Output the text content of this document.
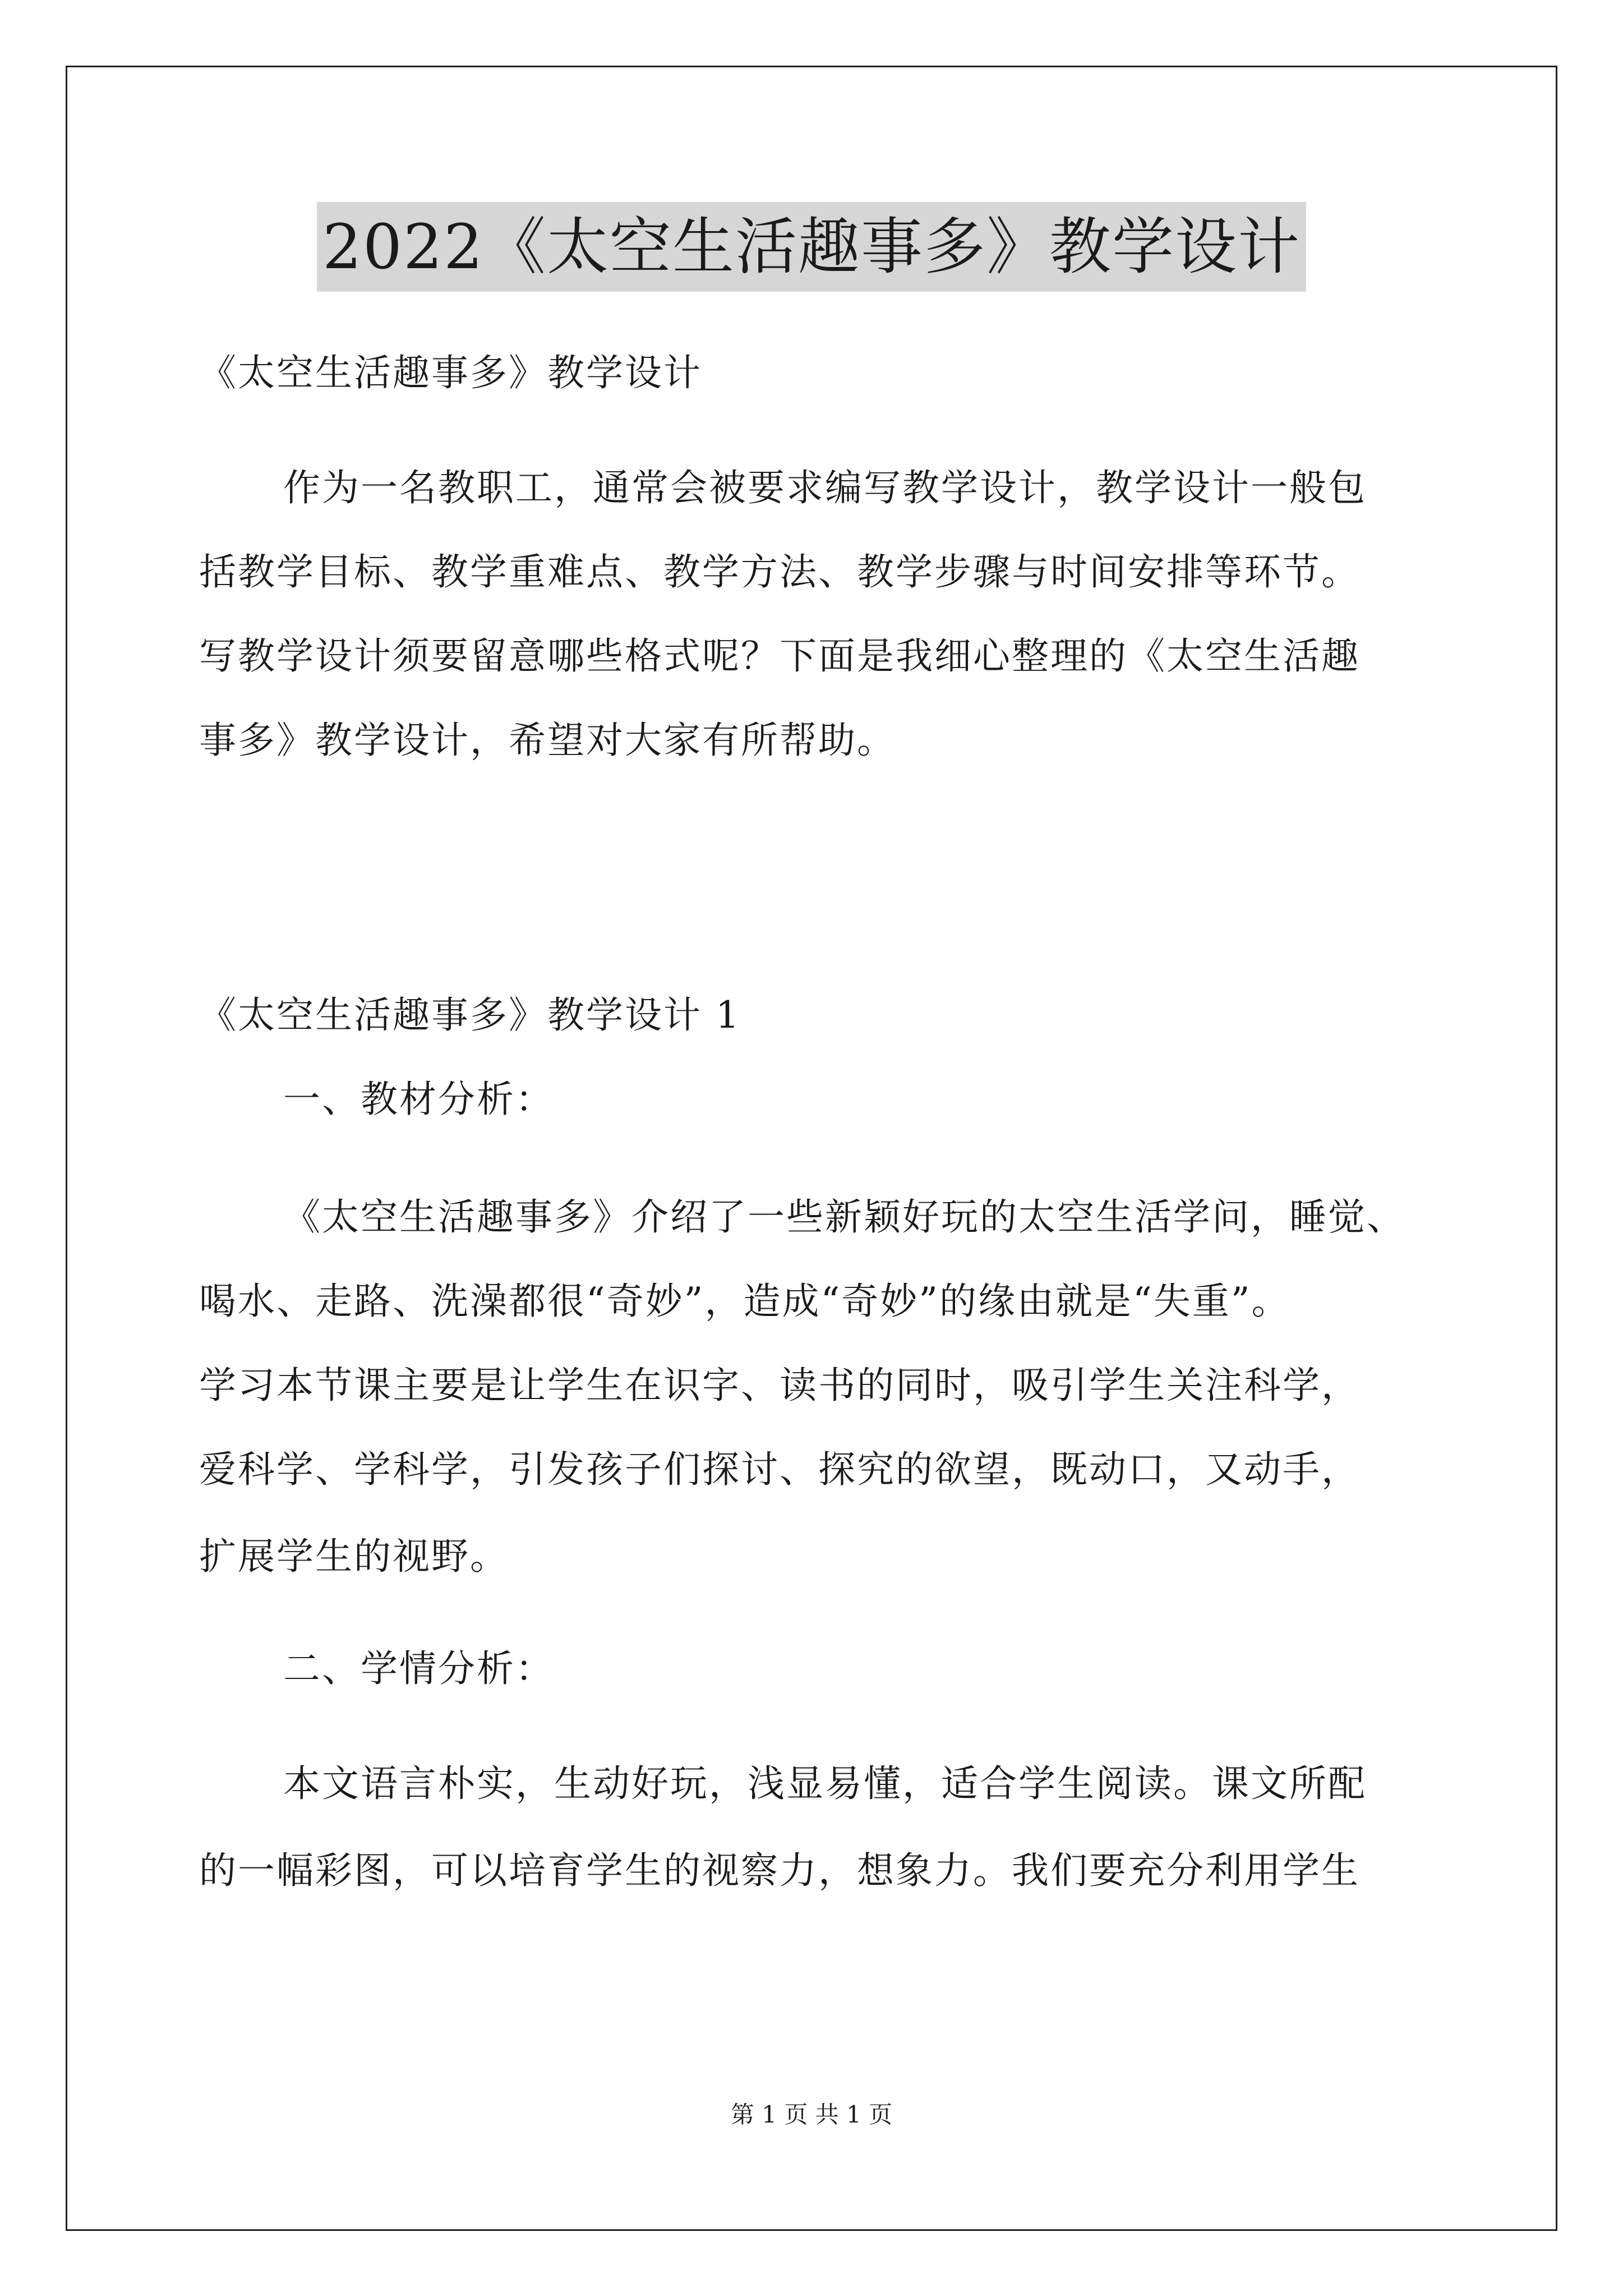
2022《太空生活趣事多》教学设计
《太空生活趣事多》教学设计
作为一名教职工，通常会被要求编写教学设计，教学设计一般包
括教学目标、教学重难点、教学方法、教学步骤与时间安排等环节。
写教学设计须要留意哪些格式呢？下面是我细心整理的《太空生活趣
事多》教学设计，希望对大家有所帮助。
《太空生活趣事多》教学设计 1
一、教材分析：
《太空生活趣事多》介绍了一些新颖好玩的太空生活学问，睡觉、
喝水、走路、洗澡都很“奇妙”，造成“奇妙”的缘由就是“失重”。
学习本节课主要是让学生在识字、读书的同时，吸引学生关注科学，
爱科学、学科学，引发孩子们探讨、探究的欲望，既动口，又动手，
扩展学生的视野。
二、学情分析：
本文语言朴实，生动好玩，浅显易懂，适合学生阅读。课文所配
的一幅彩图，可以培育学生的视察力，想象力。我们要充分利用学生
第 1 页 共 1 页
